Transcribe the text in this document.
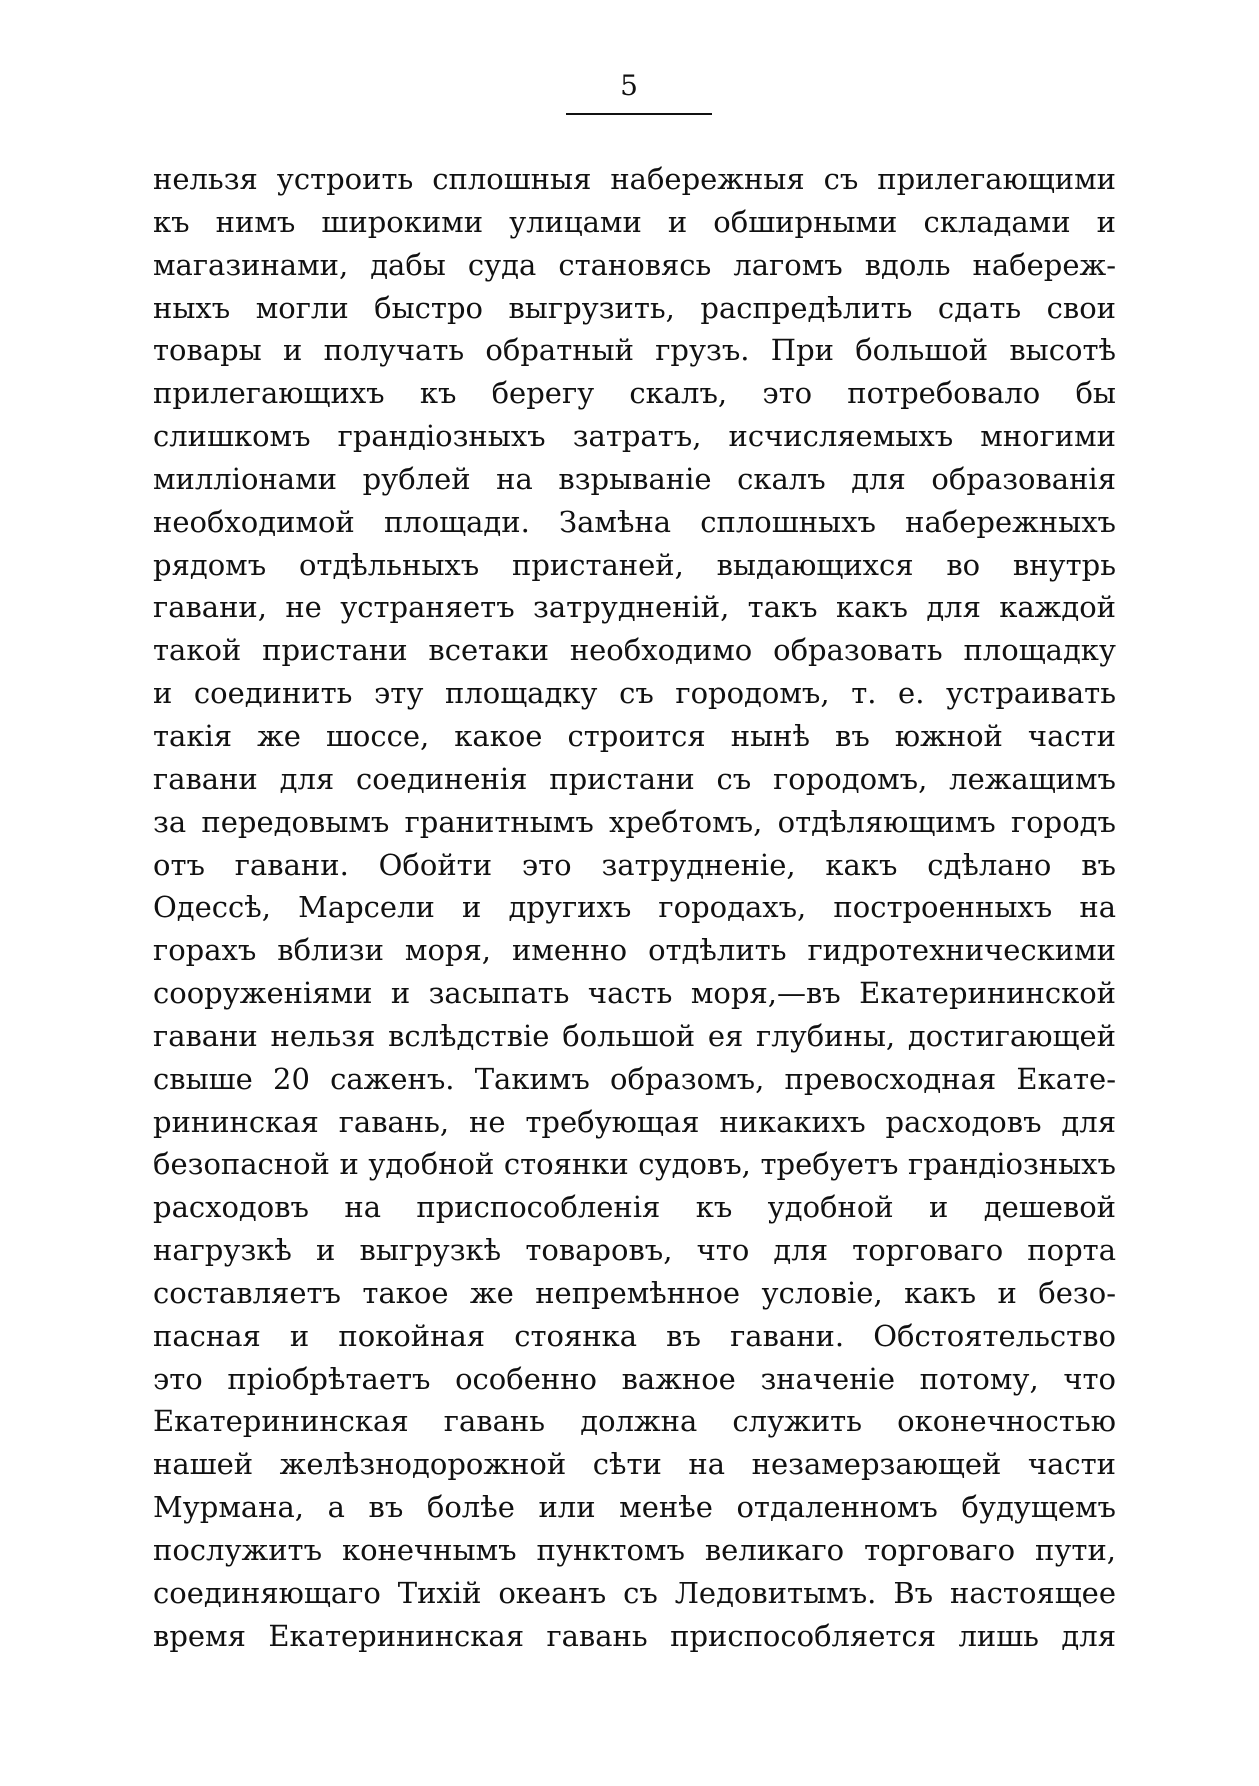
5
нельзя устроить сплошныя набережныя съ прилегающими
къ нимъ широкими улицами и обширными складами и
магазинами, дабы суда становясь лагомъ вдоль набереж-
ныхъ могли быстро выгрузить, распредѣлить сдать свои
товары и получать обратный грузъ. При большой высотѣ
прилегающихъ къ берегу скалъ, это потребовало бы
слишкомъ грандіозныхъ затратъ, исчисляемыхъ многими
милліонами рублей на взрываніе скалъ для образованія
необходимой площади. Замѣна сплошныхъ набережныхъ
рядомъ отдѣльныхъ пристаней, выдающихся во внутрь
гавани, не устраняетъ затрудненій, такъ какъ для каждой
такой пристани всетаки необходимо образовать площадку
и соединить эту площадку съ городомъ, т. е. устраивать
такія же шоссе, какое строится нынѣ въ южной части
гавани для соединенія пристани съ городомъ, лежащимъ
за передовымъ гранитнымъ хребтомъ, отдѣляющимъ городъ
отъ гавани. Обойти это затрудненіе, какъ сдѣлано въ
Одессѣ, Марсели и другихъ городахъ, построенныхъ на
горахъ вблизи моря, именно отдѣлить гидротехническими
сооруженіями и засыпать часть моря,—въ Екатерининской
гавани нельзя вслѣдствіе большой ея глубины, достигающей
свыше 20 саженъ. Такимъ образомъ, превосходная Екате-
рининская гавань, не требующая никакихъ расходовъ для
безопасной и удобной стоянки судовъ, требуетъ грандіозныхъ
расходовъ на приспособленія къ удобной и дешевой
нагрузкѣ и выгрузкѣ товаровъ, что для торговаго порта
составляетъ такое же непремѣнное условіе, какъ и безо-
пасная и покойная стоянка въ гавани. Обстоятельство
это пріобрѣтаетъ особенно важное значеніе потому, что
Екатерининская гавань должна служить оконечностью
нашей желѣзнодорожной сѣти на незамерзающей части
Мурмана, а въ болѣе или менѣе отдаленномъ будущемъ
послужитъ конечнымъ пунктомъ великаго торговаго пути,
соединяющаго Тихій океанъ съ Ледовитымъ. Въ настоящее
время Екатерининская гавань приспособляется лишь для
